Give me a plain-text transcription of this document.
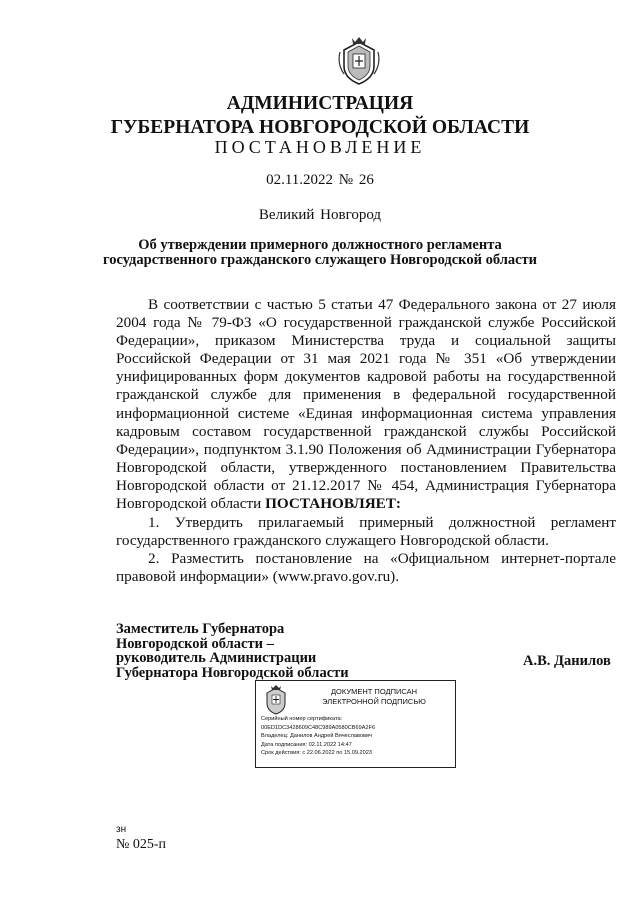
АДМИНИСТРАЦИЯ
ГУБЕРНАТОРА НОВГОРОДСКОЙ ОБЛАСТИ
ПОСТАНОВЛЕНИЕ
02.11.2022 № 26
Великий Новгород
Об утверждении примерного должностного регламента
государственного гражданского служащего Новгородской области
В соответствии с частью 5 статьи 47 Федерального закона от 27 июля 2004 года № 79-ФЗ «О государственной гражданской службе Российской Федерации», приказом Министерства труда и социальной защиты Российской Федерации от 31 мая 2021 года № 351 «Об утверждении унифицированных форм документов кадровой работы на государственной гражданской службе для применения в федеральной государственной информационной системе «Единая информационная система управления кадровым составом государственной гражданской службы Российской Федерации», подпунктом 3.1.90 Положения об Администрации Губернатора Новгородской области, утвержденного постановлением Правительства Новгородской области от 21.12.2017 № 454, Администрация Губернатора Новгородской области ПОСТАНОВЛЯЕТ:
1. Утвердить прилагаемый примерный должностной регламент государственного гражданского служащего Новгородской области.
2. Разместить постановление на «Официальном интернет-портале правовой информации» (www.pravo.gov.ru).
Заместитель Губернатора
Новгородской области –
руководитель Администрации
Губернатора Новгородской области
А.В. Данилов
ДОКУМЕНТ ПОДПИСАН
ЭЛЕКТРОННОЙ ПОДПИСЬЮ
Серийный номер сертификата:
00ED1DC3428609C48C989A0580CB69A2F6
Владелец: Данилов Андрей Вячеславович
Дата подписания: 02.11.2022 14:47
Срок действия: с 22.06.2022 по 15.09.2023
зн
№ 025-п
